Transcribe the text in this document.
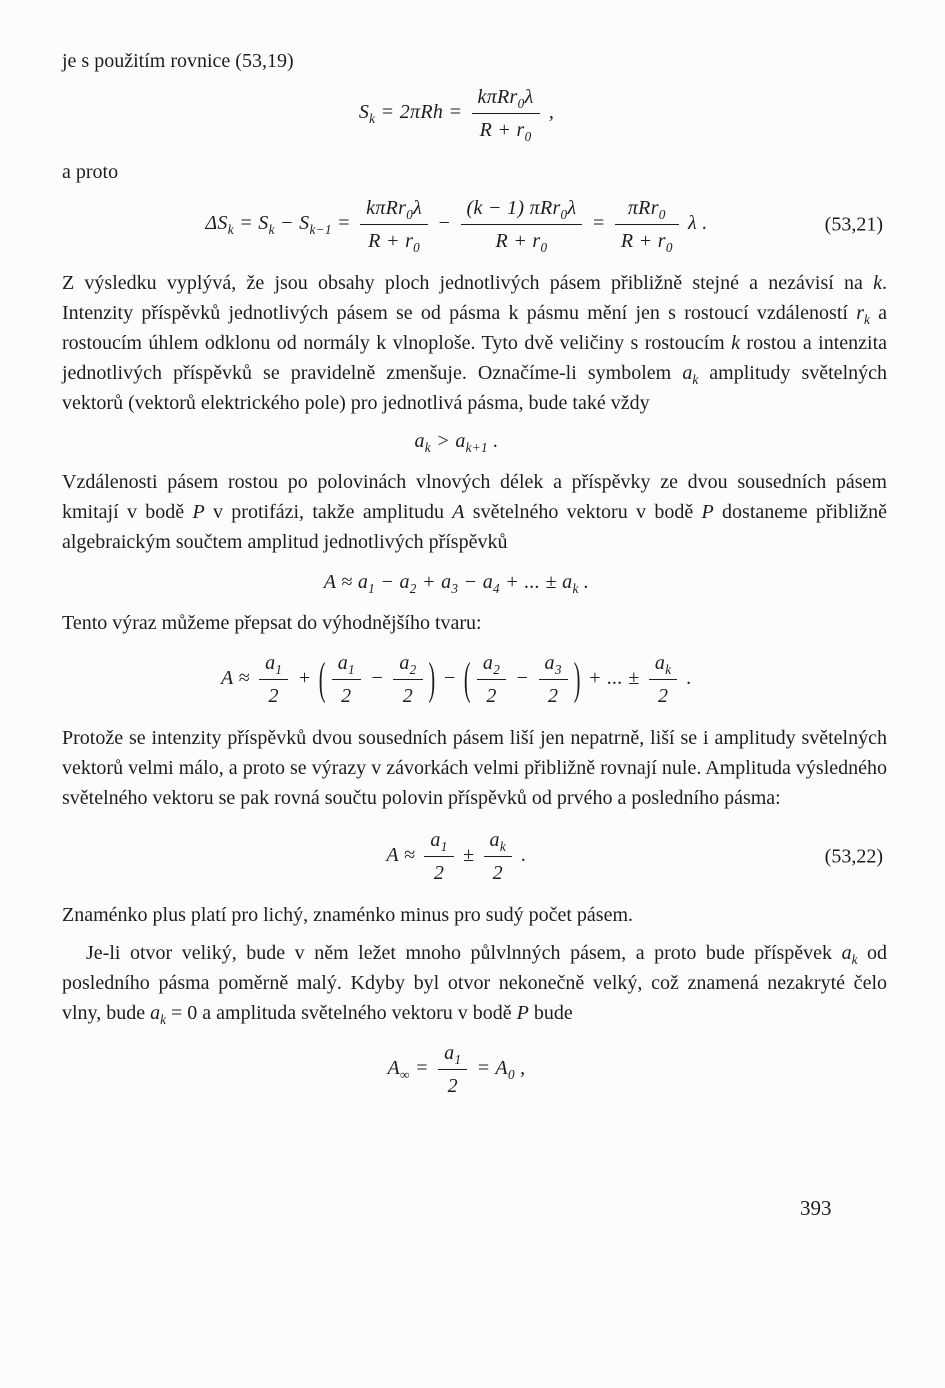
je s použitím rovnice (53,19)

$S_k = 2\pi Rh = \frac{k\pi Rr_0\lambda}{R + r_0}$ ,

a proto

$\Delta S_k = S_k - S_{k-1} = \frac{k\pi Rr_0\lambda}{R + r_0} - \frac{(k - 1) \pi Rr_0\lambda}{R + r_0} = \frac{\pi Rr_0}{R + r_0}$ λ .	(53,21)

Z výsledku vyplývá, že jsou obsahy ploch jednotlivých pásem přibližně stejné a nezávisí na k. Intenzity příspěvků jednotlivých pásem se od pásma k pásmu mění jen s rostoucí vzdáleností $r_k$ a rostoucím úhlem odklonu od normály k vlnoploše. Tyto dvě veličiny s rostoucím k rostou a intenzita jednotlivých příspěvků se pravidelně zmenšuje. Označíme-li symbolem $a_k$ amplitudy světelných vektorů (vektorů elektrického pole) pro jednotlivá pásma, bude také vždy

$a_k > a_{k+1}$ .

Vzdálenosti pásem rostou po polovinách vlnových délek a příspěvky ze dvou sousedních pásem kmitají v bodě P v protifázi, takže amplitudu A světelného vektoru v bodě P dostaneme přibližně algebraickým součtem amplitud jednotlivých příspěvků

$A \approx a_1 - a_2 + a_3 - a_4$ + ... ± $a_k$ .

Tento výraz můžeme přepsat do výhodnějšího tvaru:

$A \approx \frac{a_1}{2}$ + ( $\frac{a_1}{2} - \frac{a_2}{2}$ ) − ( $\frac{a_2}{2} - \frac{a_3}{2}$ ) + ... ± $\frac{a_k}{2}$ .

Protože se intenzity příspěvků dvou sousedních pásem liší jen nepatrně, liší se i amplitudy světelných vektorů velmi málo, a proto se výrazy v závorkách velmi přibližně rovnají nule. Amplituda výsledného světelného vektoru se pak rovná součtu polovin příspěvků od prvého a posledního pásma:

$A \approx \frac{a_1}{2} \pm \frac{a_k}{2}$ .	(53,22)

Znaménko plus platí pro lichý, znaménko minus pro sudý počet pásem.

Je-li otvor veliký, bude v něm ležet mnoho půlvlnných pásem, a proto bude příspěvek $a_k$ od posledního pásma poměrně malý. Kdyby byl otvor nekonečně velký, což znamená nezakryté čelo vlny, bude $a_k = 0$ a amplituda světelného vektoru v bodě P bude

$A_\infty = \frac{a_1}{2} = A_0$ ,
393
